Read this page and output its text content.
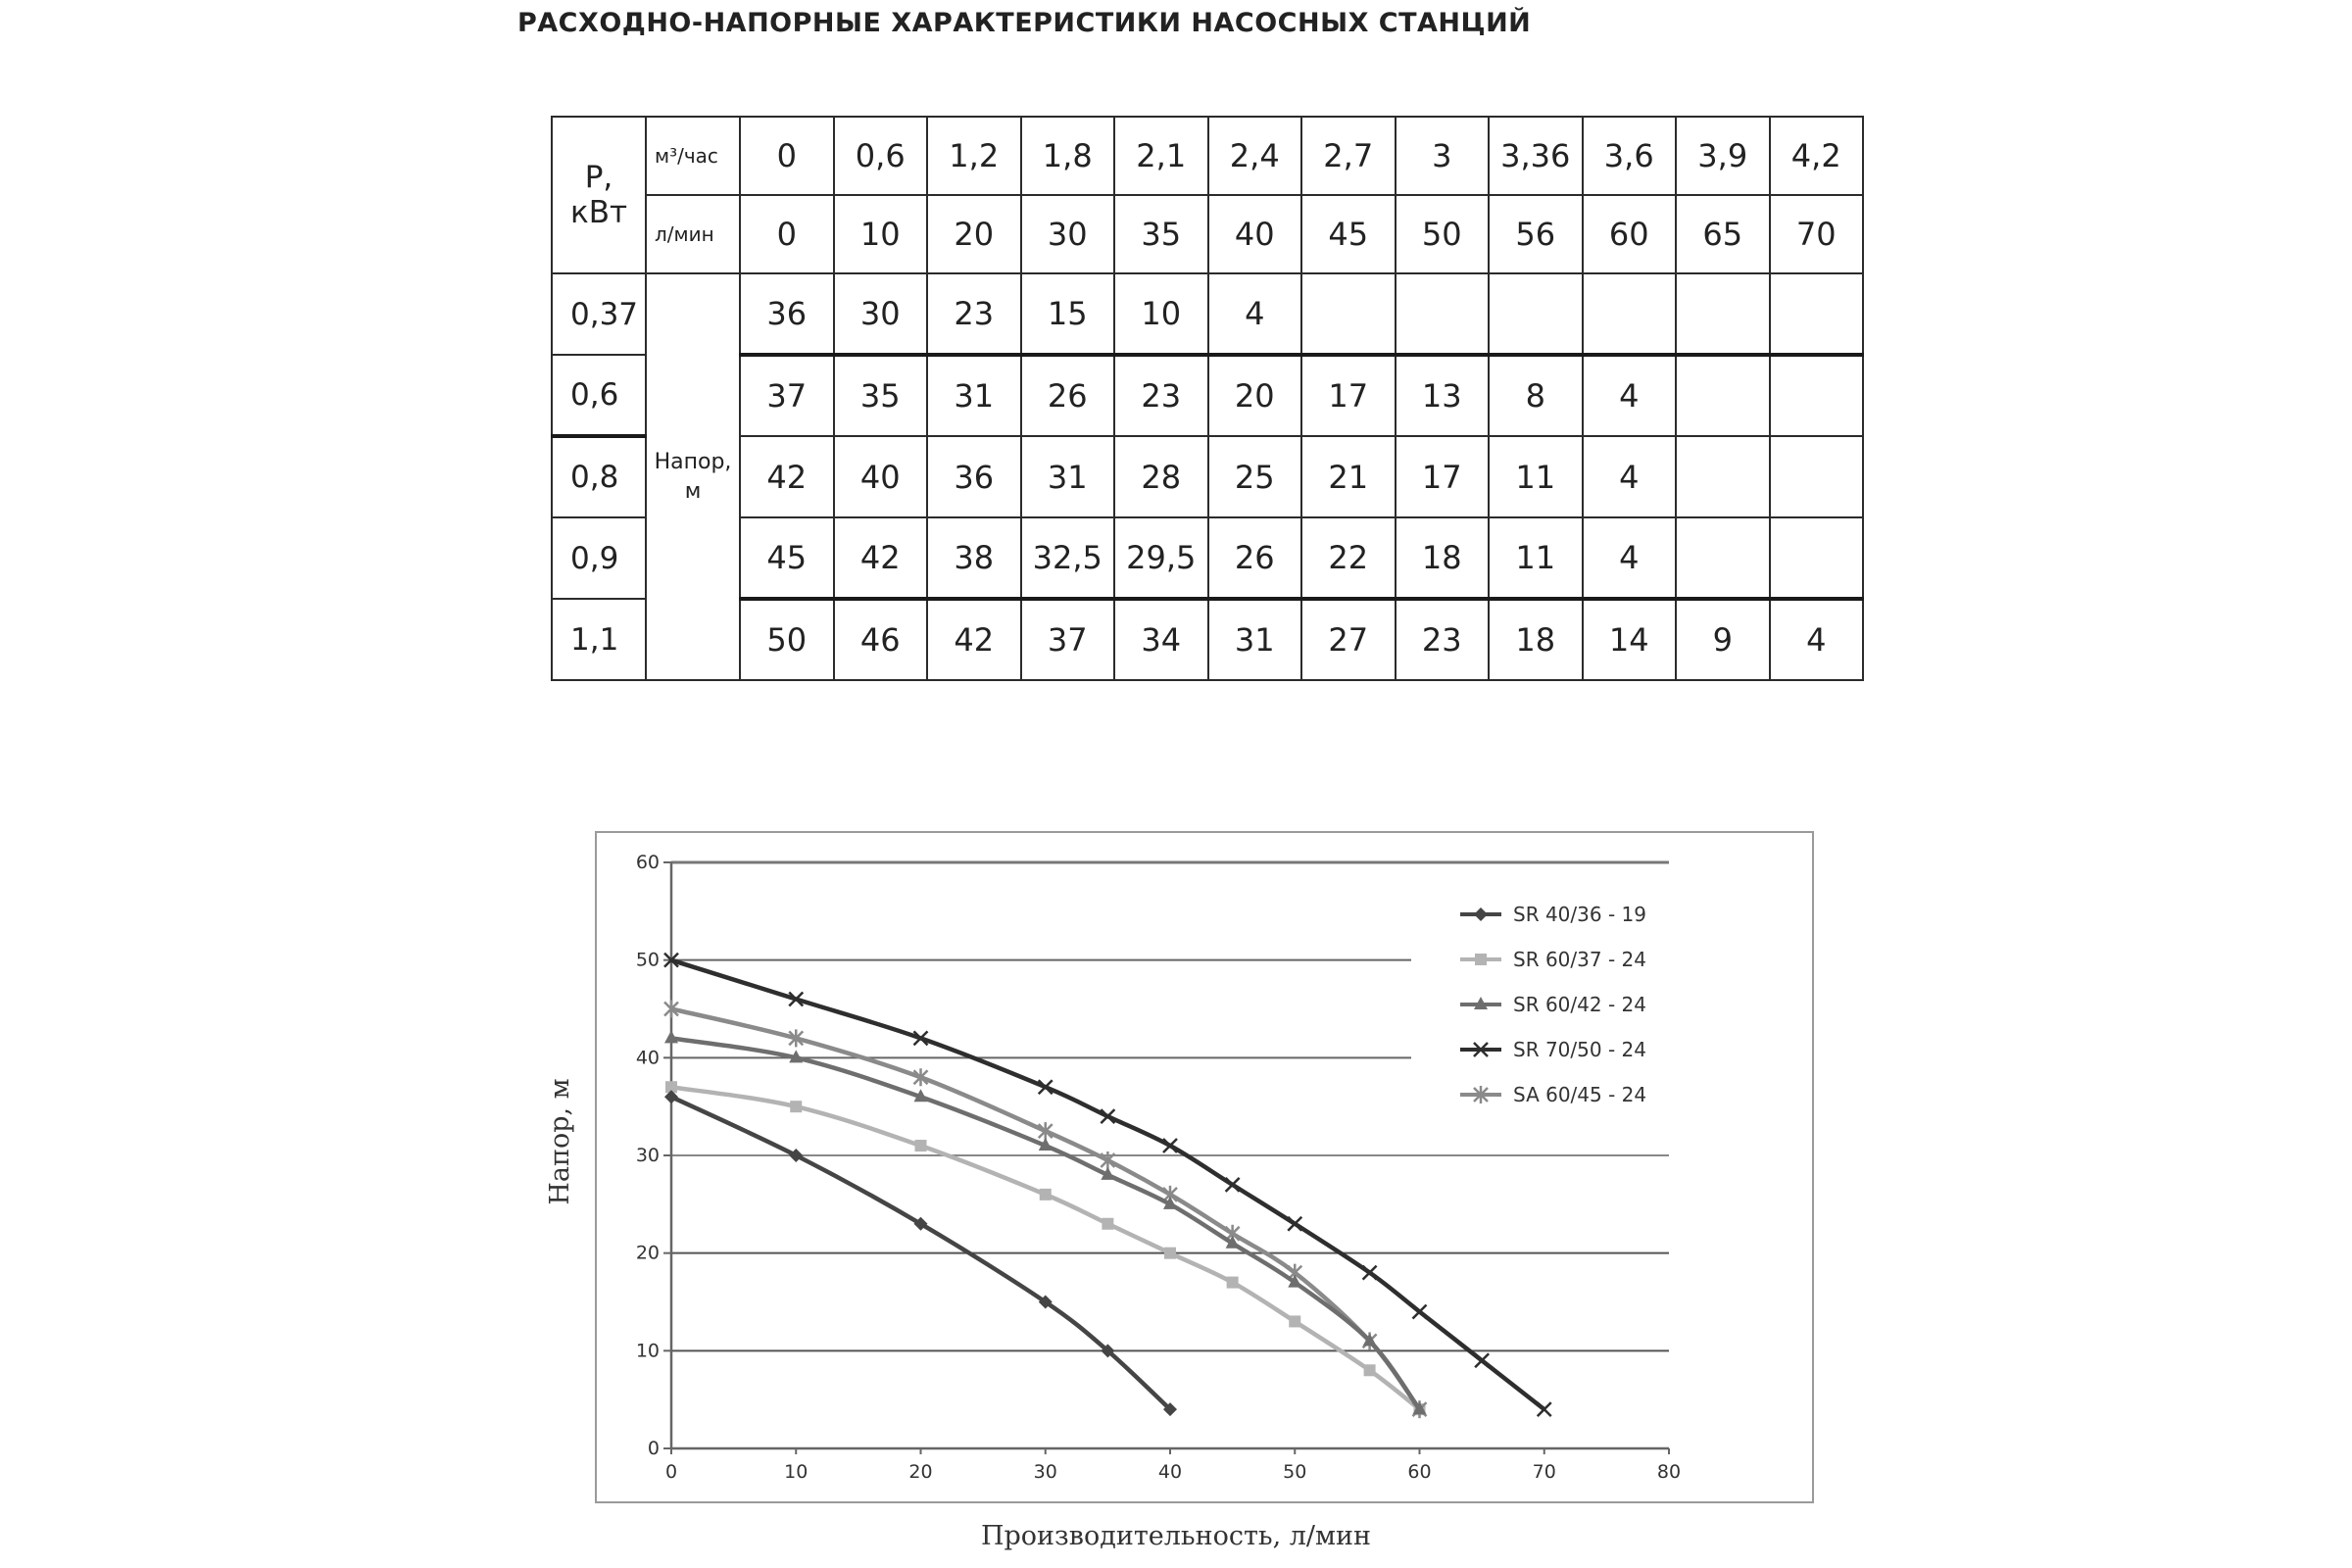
РАСХОДНО-НАПОРНЫЕ ХАРАКТЕРИСТИКИ НАСОСНЫХ СТАНЦИЙ
Р, кВт	м³/час	0	0,6	1,2	1,8	2,1	2,4	2,7	3	3,36	3,6	3,9	4,2
	л/мин	0	10	20	30	35	40	45	50	56	60	65	70
0,37	Напор, м	36	30	23	15	10	4						
0,6		37	35	31	26	23	20	17	13	8	4		
0,8		42	40	36	31	28	25	21	17	11	4		
0,9		45	42	38	32,5	29,5	26	22	18	11	4		
1,1		50	46	42	37	34	31	27	23	18	14	9	4
0	10	20	30	40	50	60	70	80
0
10
20
30
40
50
60
Напор, м
SR 40/36 - 19
SR 60/37 - 24
SR 60/42 - 24
SR 70/50 - 24
SA 60/45 - 24
Производительность, л/мин
